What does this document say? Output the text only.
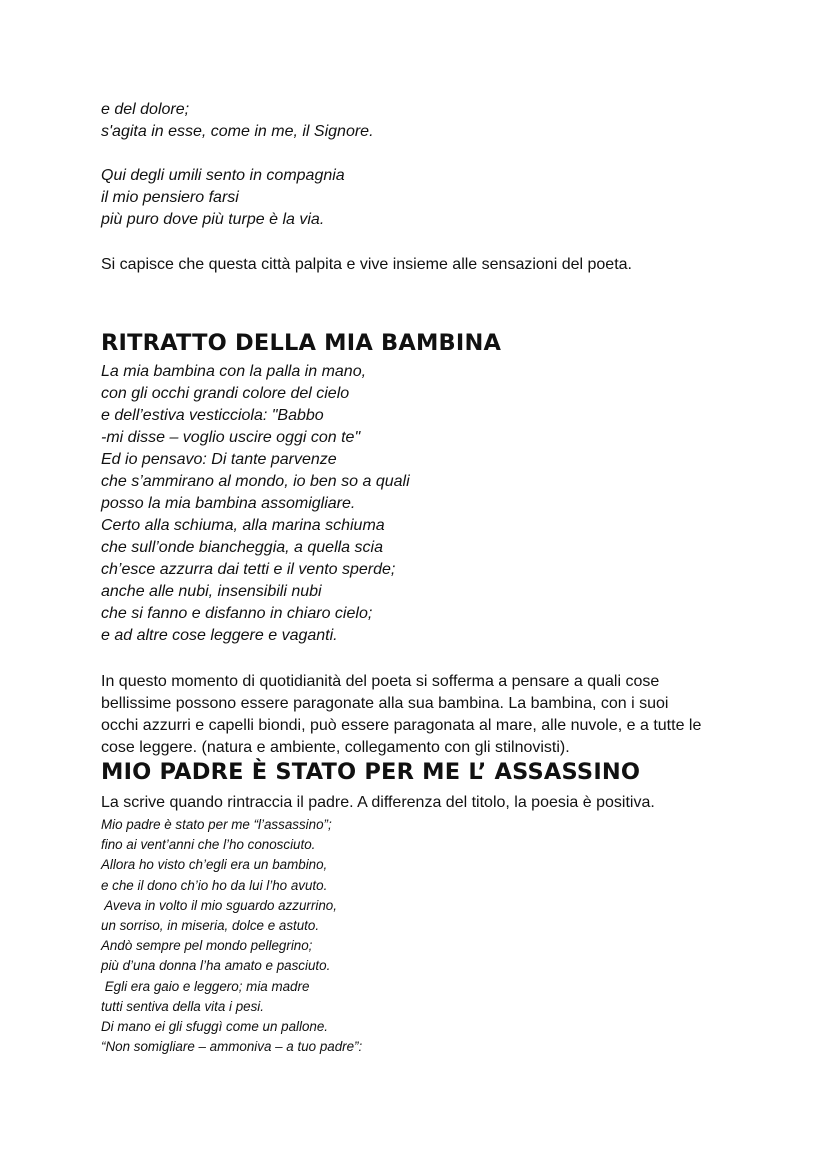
e del dolore;
s'agita in esse, come in me, il Signore.
Qui degli umili sento in compagnia
il mio pensiero farsi
più puro dove più turpe è la via.
Si capisce che questa città palpita e vive insieme alle sensazioni del poeta.
RITRATTO DELLA MIA BAMBINA
La mia bambina con la palla in mano,
con gli occhi grandi colore del cielo
e dell’estiva vesticciola: "Babbo
-mi disse – voglio uscire oggi con te"
Ed io pensavo: Di tante parvenze
che s’ammirano al mondo, io ben so a quali
posso la mia bambina assomigliare.
Certo alla schiuma, alla marina schiuma
che sull’onde biancheggia, a quella scia
ch’esce azzurra dai tetti e il vento sperde;
anche alle nubi, insensibili nubi
che si fanno e disfanno in chiaro cielo;
e ad altre cose leggere e vaganti.
In questo momento di quotidianità del poeta si sofferma a pensare a quali cose
bellissime possono essere paragonate alla sua bambina. La bambina, con i suoi
occhi azzurri e capelli biondi, può essere paragonata al mare, alle nuvole, e a tutte le
cose leggere. (natura e ambiente, collegamento con gli stilnovisti).
MIO PADRE È STATO PER ME L’ ASSASSINO
La scrive quando rintraccia il padre. A differenza del titolo, la poesia è positiva.
Mio padre è stato per me “l’assassino”;
fino ai vent’anni che l’ho conosciuto.
Allora ho visto ch’egli era un bambino,
e che il dono ch’io ho da lui l’ho avuto.
Aveva in volto il mio sguardo azzurrino,
un sorriso, in miseria, dolce e astuto.
Andò sempre pel mondo pellegrino;
più d’una donna l’ha amato e pasciuto.
Egli era gaio e leggero; mia madre
tutti sentiva della vita i pesi.
Di mano ei gli sfuggì come un pallone.
“Non somigliare – ammoniva – a tuo padre”:
